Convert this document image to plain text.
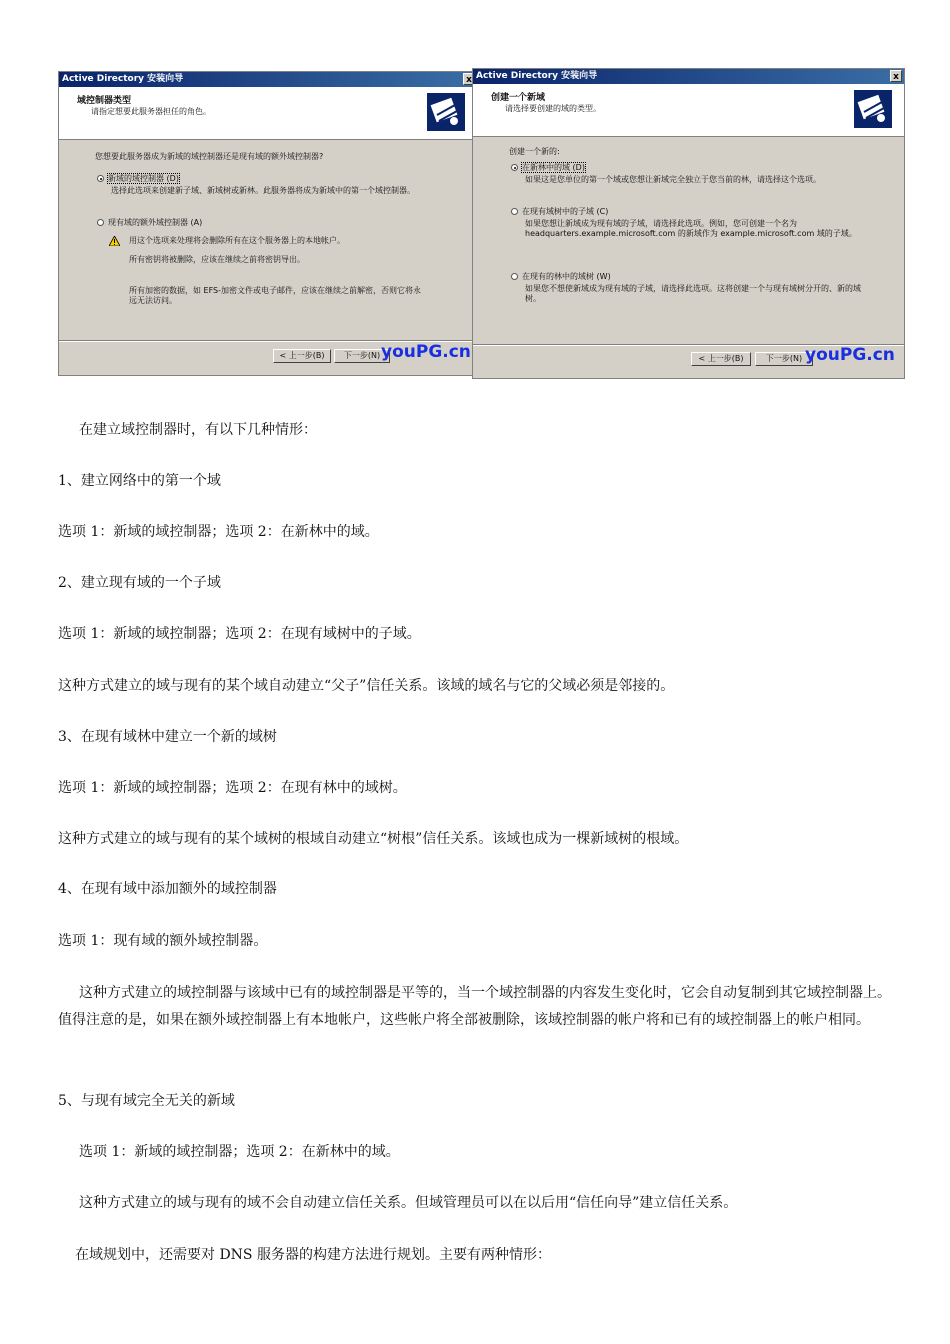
Active Directory 安装向导	x
域控制器类型
请指定想要此服务器担任的角色。
您想要此服务器成为新域的域控制器还是现有域的额外域控制器?
新域的域控制器 (D)
选择此选项来创建新子域、新域树或新林。此服务器将成为新域中的第一个域控制器。
现有域的额外域控制器 (A)
用这个选项来处理将会删除所有在这个服务器上的本地帐户。
所有密钥将被删除，应该在继续之前将密钥导出。
所有加密的数据，如 EFS-加密文件或电子邮件，应该在继续之前解密，否则它将永远无法访问。
< 上一步(B)	下一步(N) youPG.cn
Active Directory 安装向导	x
创建一个新域
请选择要创建的域的类型。
创建一个新的:
在新林中的域 (D)
如果这是您单位的第一个域或您想让新域完全独立于您当前的林，请选择这个选项。
在现有域树中的子域 (C)
如果您想让新域成为现有域的子域，请选择此选项。例如，您可创建一个名为 headquarters.example.microsoft.com 的新域作为 example.microsoft.com 域的子域。
在现有的林中的域树 (W)
如果您不想使新域成为现有域的子域，请选择此选项。这将创建一个与现有域树分开的、新的域树。
< 上一步(B)	下一步(N) youPG.cn

在建立域控制器时，有以下几种情形：

1、建立网络中的第一个域

选项 1：新域的域控制器；选项 2：在新林中的域。

2、建立现有域的一个子域

选项 1：新域的域控制器；选项 2：在现有域树中的子域。

这种方式建立的域与现有的某个域自动建立“父子”信任关系。该域的域名与它的父域必须是邻接的。

3、在现有域林中建立一个新的域树

选项 1：新域的域控制器；选项 2：在现有林中的域树。

这种方式建立的域与现有的某个域树的根域自动建立“树根”信任关系。该域也成为一棵新域树的根域。

4、在现有域中添加额外的域控制器

选项 1：现有域的额外域控制器。

这种方式建立的域控制器与该域中已有的域控制器是平等的，当一个域控制器的内容发生变化时，它会自动复制到其它域控制器上。值得注意的是，如果在额外域控制器上有本地帐户，这些帐户将全部被删除，该域控制器的帐户将和已有的域控制器上的帐户相同。

5、与现有域完全无关的新域

选项 1：新域的域控制器；选项 2：在新林中的域。

这种方式建立的域与现有的域不会自动建立信任关系。但域管理员可以在以后用“信任向导”建立信任关系。

在域规划中，还需要对 DNS 服务器的构建方法进行规划。主要有两种情形：
